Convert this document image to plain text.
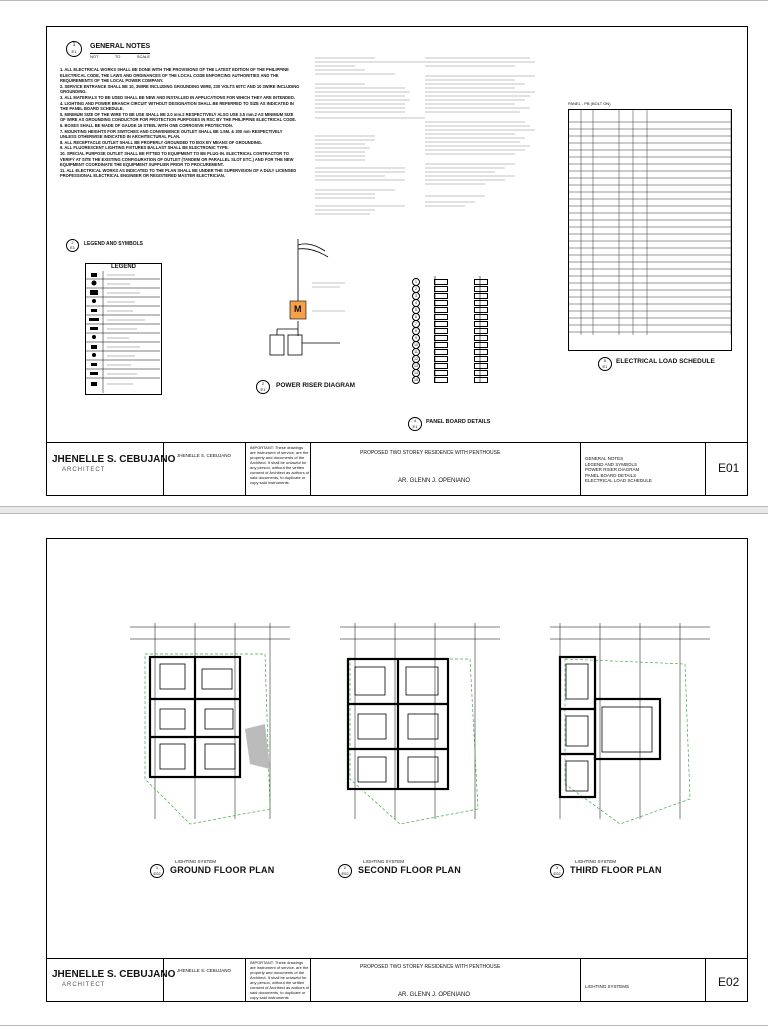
1
E1
GENERAL NOTES
NOT	TO	SCALE

1. ALL ELECTRICAL WORKS SHALL BE DONE WITH THE PROVISIONS OF THE LATEST EDITION OF THE PHILIPPINE ELECTRICAL CODE, THE LAWS AND ORDINANCES OF THE LOCAL CODE ENFORCING AUTHORITIES AND THE REQUIREMENTS OF THE LOCAL POWER COMPANY.

2. SERVICE ENTRANCE SHALL BE 10, 3WIRE INCLUDING GROUNDING WIRE, 230 VOLTS 60TC AND 10 3WIRE INCLUDING GROUNDING.

3. ALL MATERIALS TO BE USED SHALL BE NEW AND INSTALLED IN APPLICATIONS FOR WHICH THEY ARE INTENDED.

4. LIGHTING AND POWER BRANCH CIRCUIT WITHOUT DESIGNATION SHALL BE REFERRED TO SIZE AS INDICATED IN THE PANEL BOARD SCHEDULE.

5. MINIMUM SIZE OF THE WIRE TO BE USE SHALL BE 2.0 mm.2 RESPECTIVELY ALSO USE 3.5 mm.2 AS MINIMUM SIZE OF WIRE AS GROUNDING CONDUCTOR FOR PROTECTION PURPOSES IN RSC BY THE PHILIPPINE ELECTRICAL CODE.

6. BOXES SHALL BE MADE OF GAUGE 16 STEEL WITH ONE CORROSIVE PROTECTION.

7. MOUNTING HEIGHTS FOR SWITCHES AND CONVENIENCE OUTLET SHALL BE 1.5M. & 300 mm RESPECTIVELY UNLESS OTHERWISE INDICATED IN ARCHITECTURAL PLAN.

8. ALL RECEPTACLE OUTLET SHALL BE PROPERLY GROUNDED TO BOX BY MEANS OF GROUNDING.

9. ALL FLUORESCENT LIGHTING FIXTURES BALLAST SHALL BE ELECTRONIC TYPE.

10. SPECIAL PURPOSE OUTLET SHALL BE FITTED TO EQUIPMENT TO BE PLUG-IN. ELECTRICAL CONTRACTOR TO VERIFY AT SITE THE EXISTING CONFIGURATION OF OUTLET (TANDEM OR PARALLEL SLOT ETC.) AND FOR THE NEW EQUIPMENT COORDINATE THE EQUIPMENT SUPPLIER PRIOR TO PROCUREMENT.

11. ALL ELECTRICAL WORKS AS INDICATED TO THE PLAN SHALL BE UNDER THE SUPERVISION OF A DULY LICENSED PROFESSIONAL ELECTRICAL ENGINEER OR REGISTERED MASTER ELECTRICIAN.

2
E1
LEGEND AND SYMBOLS
LEGEND
M
2
E1
POWER RISER DIAGRAM
1
2
3
4
5
6
7
8
9
10
11
12
13
14
15
4
E1
PANEL BOARD DETAILS
PANEL - PB (BOLT ON)
5
E1
ELECTRICAL LOAD SCHEDULE
JHENELLE S. CEBUJANO
ARCHITECT
JHENELLE S. CEBUJANO
IMPORTANT: These drawings are instrument of service, are the property and documents of the Architect. It shall be unlawful for any person, without the written consent of Architect as authors of said documents, to duplicate or copy said instruments.
PROPOSED TWO STOREY RESIDENCE WITH PENTHOUSE
AR. GLENN J. OPENIANO
GENERAL NOTES
LEGEND AND SYMBOLS
POWER RISER DIAGRAM
PANEL BOARD DETAILS
ELECTRICAL LOAD SCHEDULE
E01
LIGHTING SYSTEM
1
E02 GROUND FLOOR PLAN
LIGHTING SYSTEM
2
E02 SECOND FLOOR PLAN
LIGHTING SYSTEM
3
E02 THIRD FLOOR PLAN
JHENELLE S. CEBUJANO
ARCHITECT
JHENELLE S. CEBUJANO
IMPORTANT: These drawings are instrument of service, are the property and documents of the Architect. It shall be unlawful for any person, without the written consent of Architect as authors of said documents, to duplicate or copy said instruments.
PROPOSED TWO STOREY RESIDENCE WITH PENTHOUSE
AR. GLENN J. OPENIANO
LIGHTING SYSTEMS	E02
